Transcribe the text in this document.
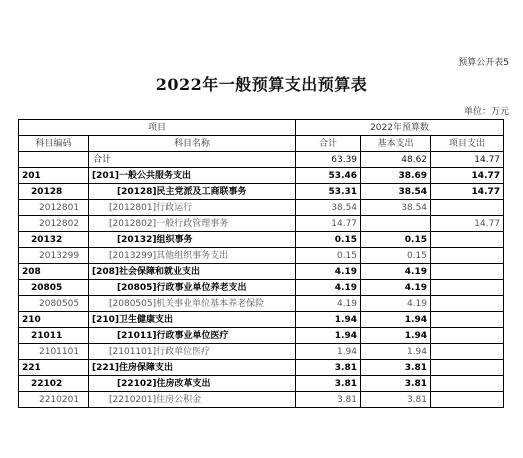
预算公开表5
2022年一般预算支出预算表
单位：万元
项目		2022年预算数		
科目编码	科目名称	合计	基本支出	项目支出
	合计	63.39	48.62	14.77
201	[201]一般公共服务支出	53.46	38.69	14.77
20128	[20128]民主党派及工商联事务	53.31	38.54	14.77
2012801	[2012801]行政运行	38.54	38.54	
2012802	[2012802]一般行政管理事务	14.77		14.77
20132	[20132]组织事务	0.15	0.15	
2013299	[2013299]其他组织事务支出	0.15	0.15	
208	[208]社会保障和就业支出	4.19	4.19	
20805	[20805]行政事业单位养老支出	4.19	4.19	
2080505	[2080505]机关事业单位基本养老保险	4.19	4.19	
210	[210]卫生健康支出	1.94	1.94	
21011	[21011]行政事业单位医疗	1.94	1.94	
2101101	[2101101]行政单位医疗	1.94	1.94	
221	[221]住房保障支出	3.81	3.81	
22102	[22102]住房改革支出	3.81	3.81	
2210201	[2210201]住房公积金	3.81	3.81	
